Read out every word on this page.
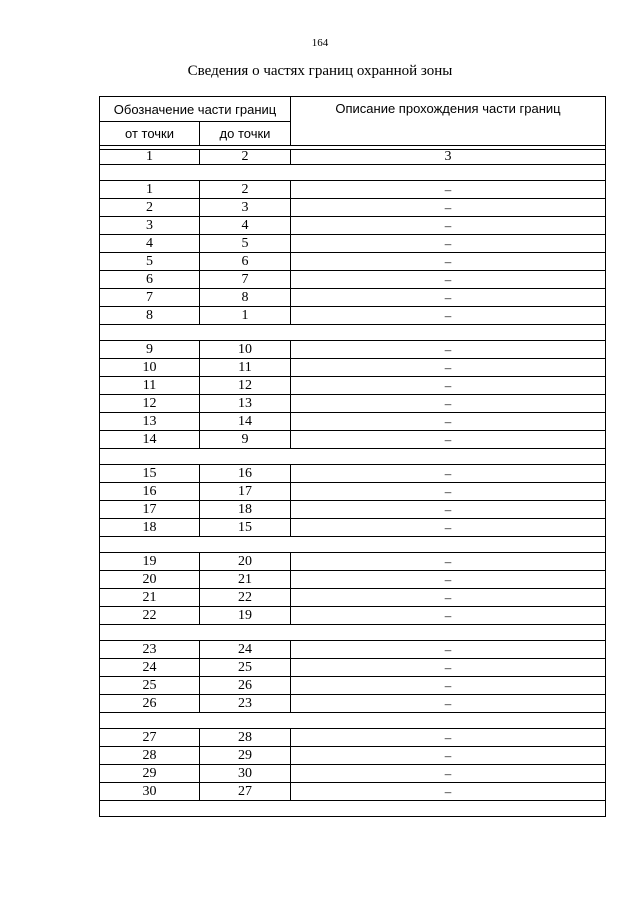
164
Сведения о частях границ охранной зоны
Обозначение части границ		Описание прохождения части границ
от точки	до точки	

1	2	3

1	2	–
2	3	–
3	4	–
4	5	–
5	6	–
6	7	–
7	8	–
8	1	–

9	10	–
10	11	–
11	12	–
12	13	–
13	14	–
14	9	–

15	16	–
16	17	–
17	18	–
18	15	–

19	20	–
20	21	–
21	22	–
22	19	–

23	24	–
24	25	–
25	26	–
26	23	–

27	28	–
28	29	–
29	30	–
30	27	–
